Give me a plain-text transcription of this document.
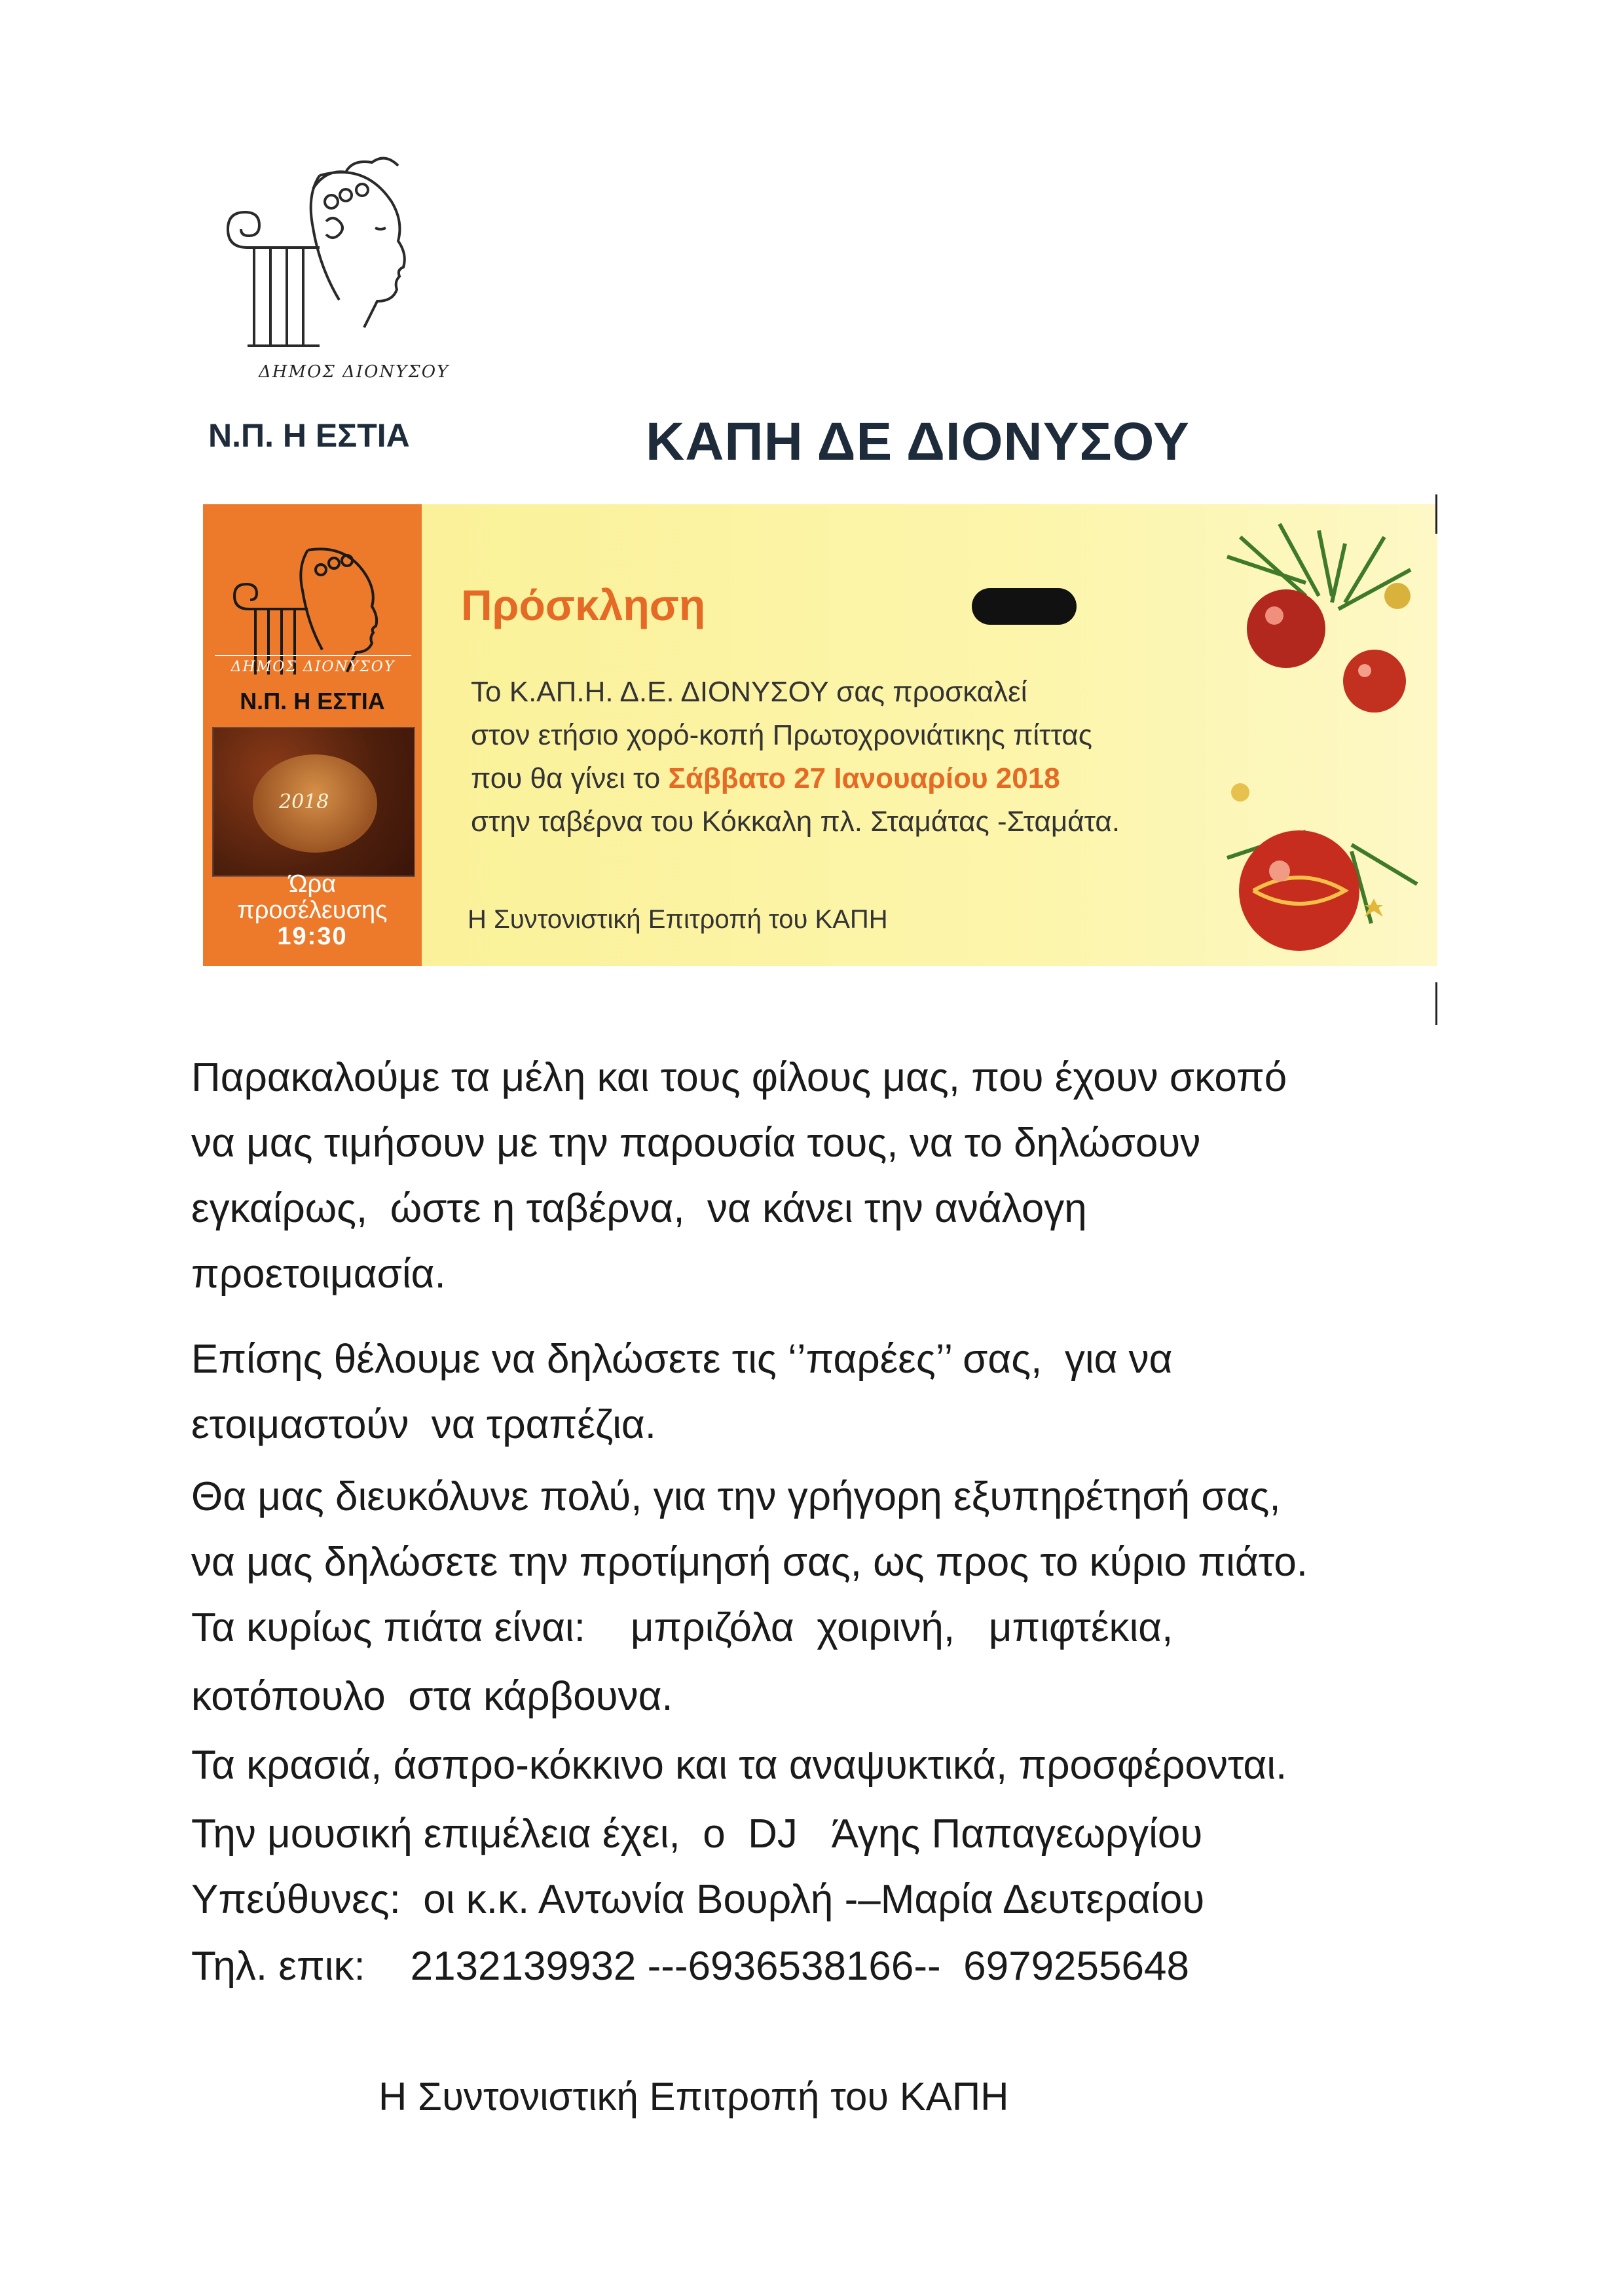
ΔΗΜΟΣ ΔΙΟΝΥΣΟΥ
Ν.Π. Η ΕΣΤΙΑ	ΚΑΠΗ ΔΕ ΔΙΟΝΥΣΟΥ
ΔΗΜΟΣ ΔΙΟΝΥΣΟΥ
Ν.Π. Η ΕΣΤΙΑ
2018
Ώρα
προσέλευσης
19:30
Πρόσκληση
Το Κ.ΑΠ.Η. Δ.Ε. ΔΙΟΝΥΣΟΥ σας προσκαλεί
στον ετήσιο χορό-κοπή Πρωτοχρονιάτικης πίττας
που θα γίνει το Σάββατο 27 Ιανουαρίου 2018
στην ταβέρνα του Κόκκαλη πλ. Σταμάτας -Σταμάτα.
Η Συντονιστική Επιτροπή του ΚΑΠΗ
Παρακαλούμε τα μέλη και τους φίλους μας, που έχουν σκοπό
να μας τιμήσουν με την παρουσία τους, να το δηλώσουν
εγκαίρως,  ώστε η ταβέρνα,  να κάνει την ανάλογη
προετοιμασία.
Επίσης θέλουμε να δηλώσετε τις ‘’παρέες’’ σας,  για να
ετοιμαστούν  να τραπέζια.
Θα μας διευκόλυνε πολύ, για την γρήγορη εξυπηρέτησή σας,
να μας δηλώσετε την προτίμησή σας, ως προς το κύριο πιάτο.
Τα κυρίως πιάτα είναι:    μπριζόλα  χοιρινή,   μπιφτέκια,
κοτόπουλο  στα κάρβουνα.
Τα κρασιά, άσπρο-κόκκινο και τα αναψυκτικά, προσφέρονται.
Την μουσική επιμέλεια έχει,  ο  DJ   Άγης Παπαγεωργίου
Υπεύθυνες:  οι κ.κ. Αντωνία Βουρλή -–Μαρία Δευτεραίου
Τηλ. επικ:    2132139932 ---6936538166--  6979255648
Η Συντονιστική Επιτροπή του ΚΑΠΗ
